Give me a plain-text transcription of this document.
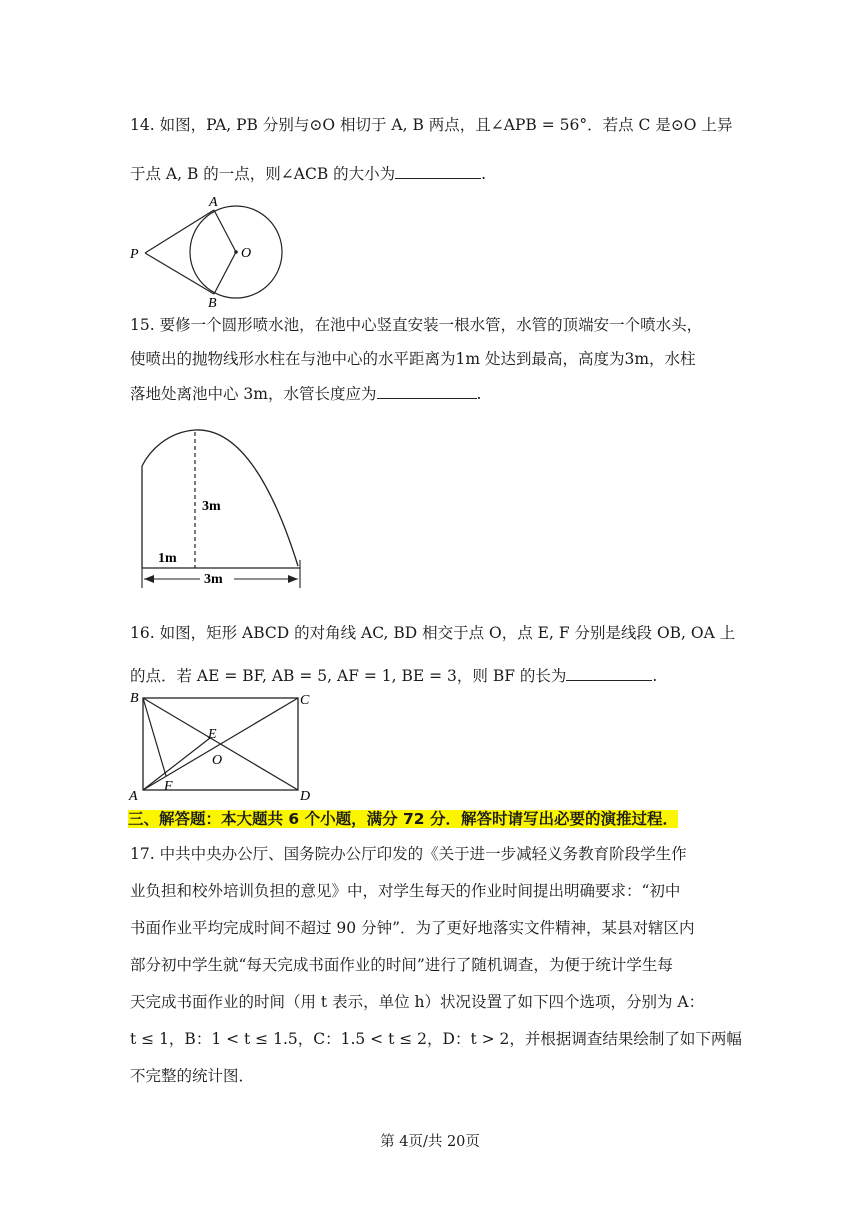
14. 如图，PA, PB 分别与⊙O 相切于 A, B 两点，且∠APB = 56°．若点 C 是⊙O 上异
于点 A, B 的一点，则∠ACB 的大小为	.
A
B
O
P
15. 要修一个圆形喷水池，在池中心竖直安装一根水管，水管的顶端安一个喷水头，
使喷出的抛物线形水柱在与池中心的水平距离为1m 处达到最高，高度为3m，水柱
落地处离池中心 3m，水管长度应为	.
3m
1m
3m
16. 如图，矩形 ABCD 的对角线 AC, BD 相交于点 O，点 E, F 分别是线段 OB, OA 上
的点．若 AE = BF, AB = 5, AF = 1, BE = 3，则 BF 的长为	.
B	C
A	D
E
O
F
三、解答题：本大题共 6 个小题，满分 72 分．解答时请写出必要的演推过程．
17. 中共中央办公厅、国务院办公厅印发的《关于进一步减轻义务教育阶段学生作
业负担和校外培训负担的意见》中，对学生每天的作业时间提出明确要求：“初中
书面作业平均完成时间不超过 90 分钟”．为了更好地落实文件精神，某县对辖区内
部分初中学生就“每天完成书面作业的时间”进行了随机调查，为便于统计学生每
天完成书面作业的时间（用 t 表示，单位 h）状况设置了如下四个选项，分别为 A：
t ≤ 1，B：1 < t ≤ 1.5，C：1.5 < t ≤ 2，D：t > 2，并根据调查结果绘制了如下两幅
不完整的统计图．
第 4页/共 20页
